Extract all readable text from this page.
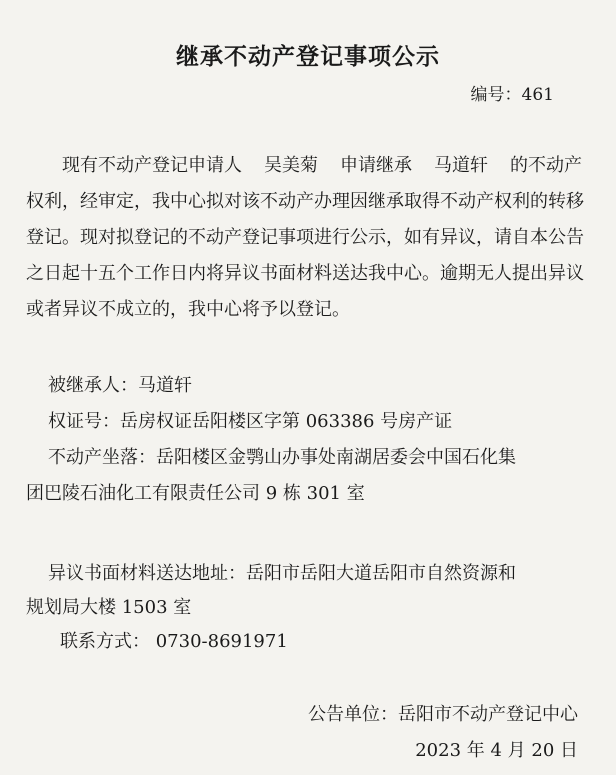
继承不动产登记事项公示
编号：461
现有不动产登记申请人 吴美菊 申请继承 马道轩 的不动产权利，经审定，我中心拟对该不动产办理因继承取得不动产权利的转移登记。现对拟登记的不动产登记事项进行公示，如有异议，请自本公告之日起十五个工作日内将异议书面材料送达我中心。逾期无人提出异议或者异议不成立的，我中心将予以登记。
被继承人：马道轩
权证号：岳房权证岳阳楼区字第 063386 号房产证
不动产坐落：岳阳楼区金鹗山办事处南湖居委会中国石化集
团巴陵石油化工有限责任公司 9 栋 301 室
异议书面材料送达地址：岳阳市岳阳大道岳阳市自然资源和
规划局大楼 1503 室
联系方式： 0730-8691971
公告单位：岳阳市不动产登记中心
2023 年 4 月 20 日
